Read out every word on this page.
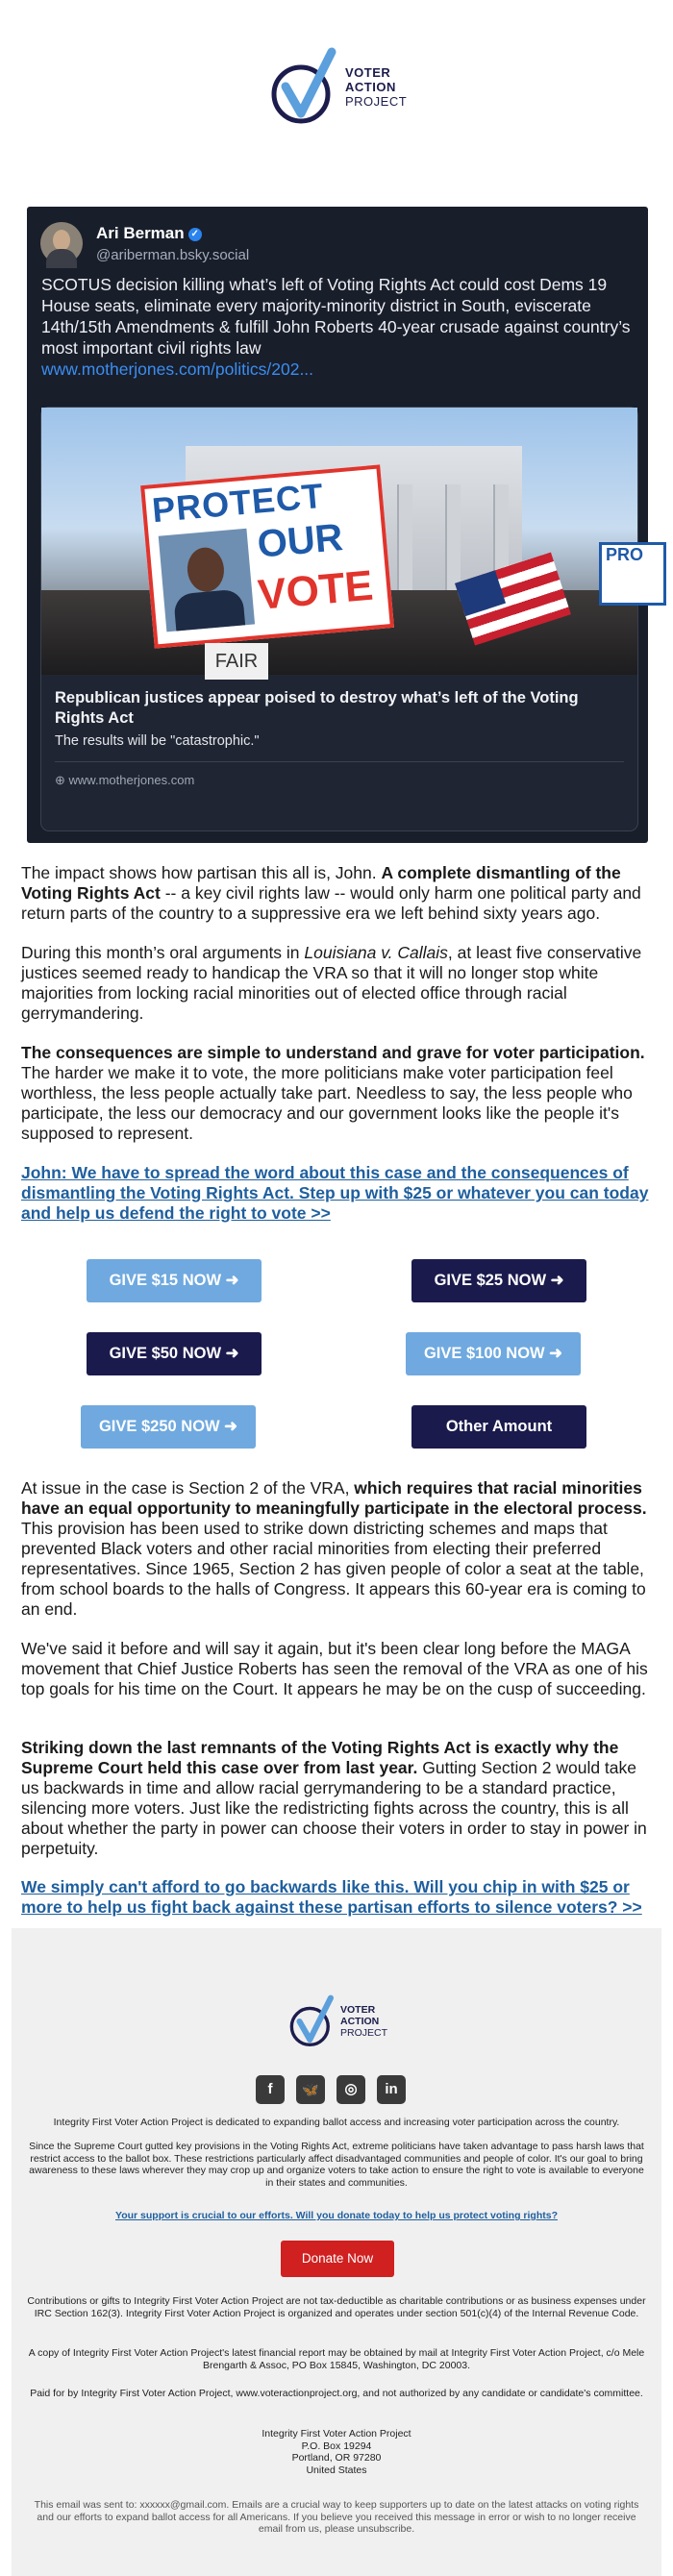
VOTER
ACTION
PROJECT
Ari Berman ✓
@ariberman.bsky.social
SCOTUS decision killing what’s left of Voting Rights Act could cost Dems 19 House seats, eliminate every majority-minority district in South, eviscerate 14th/15th Amendments & fulfill John Roberts 40-year crusade against country’s most important civil rights law
www.motherjones.com/politics/202...
PROTECT
OUR
VOTE
FAIR
PRO
Republican justices appear poised to destroy what’s left of the Voting Rights Act
The results will be "catastrophic."
⊕ www.motherjones.com

The impact shows how partisan this all is, John. A complete dismantling of the Voting Rights Act -- a key civil rights law -- would only harm one political party and return parts of the country to a suppressive era we left behind sixty years ago.

During this month’s oral arguments in Louisiana v. Callais, at least five conservative justices seemed ready to handicap the VRA so that it will no longer stop white majorities from locking racial minorities out of elected office through racial gerrymandering.

The consequences are simple to understand and grave for voter participation. The harder we make it to vote, the more politicians make voter participation feel worthless, the less people actually take part. Needless to say, the less people who participate, the less our democracy and our government looks like the people it's supposed to represent.

John: We have to spread the word about this case and the consequences of dismantling the Voting Rights Act. Step up with $25 or whatever you can today and help us defend the right to vote >>

GIVE $15 NOW ➜	GIVE $25 NOW ➜
GIVE $50 NOW ➜	GIVE $100 NOW ➜
GIVE $250 NOW ➜	Other Amount

At issue in the case is Section 2 of the VRA, which requires that racial minorities have an equal opportunity to meaningfully participate in the electoral process. This provision has been used to strike down districting schemes and maps that prevented Black voters and other racial minorities from electing their preferred representatives. Since 1965, Section 2 has given people of color a seat at the table, from school boards to the halls of Congress. It appears this 60-year era is coming to an end.

We've said it before and will say it again, but it's been clear long before the MAGA movement that Chief Justice Roberts has seen the removal of the VRA as one of his top goals for his time on the Court. It appears he may be on the cusp of succeeding.

Striking down the last remnants of the Voting Rights Act is exactly why the Supreme Court held this case over from last year. Gutting Section 2 would take us backwards in time and allow racial gerrymandering to be a standard practice, silencing more voters. Just like the redistricting fights across the country, this is all about whether the party in power can choose their voters in order to stay in power in perpetuity.

We simply can't afford to go backwards like this. Will you chip in with $25 or more to help us fight back against these partisan efforts to silence voters? >>

VOTER
ACTION
PROJECT
f	🦋	◎	in
Integrity First Voter Action Project is dedicated to expanding ballot access and increasing voter participation across the country.
Since the Supreme Court gutted key provisions in the Voting Rights Act, extreme politicians have taken advantage to pass harsh laws that restrict access to the ballot box. These restrictions particularly affect disadvantaged communities and people of color. It's our goal to bring awareness to these laws wherever they may crop up and organize voters to take action to ensure the right to vote is available to everyone in their states and communities.
Your support is crucial to our efforts. Will you donate today to help us protect voting rights?
Donate Now
Contributions or gifts to Integrity First Voter Action Project are not tax-deductible as charitable contributions or as business expenses under IRC Section 162(3). Integrity First Voter Action Project is organized and operates under section 501(c)(4) of the Internal Revenue Code.
A copy of Integrity First Voter Action Project's latest financial report may be obtained by mail at Integrity First Voter Action Project, c/o Mele Brengarth & Assoc, PO Box 15845, Washington, DC 20003.
Paid for by Integrity First Voter Action Project, www.voteractionproject.org, and not authorized by any candidate or candidate's committee.
Integrity First Voter Action Project
P.O. Box 19294
Portland, OR 97280
United States
This email was sent to: xxxxxx@gmail.com. Emails are a crucial way to keep supporters up to date on the latest attacks on voting rights and our efforts to expand ballot access for all Americans. If you believe you received this message in error or wish to no longer receive email from us, please unsubscribe.
